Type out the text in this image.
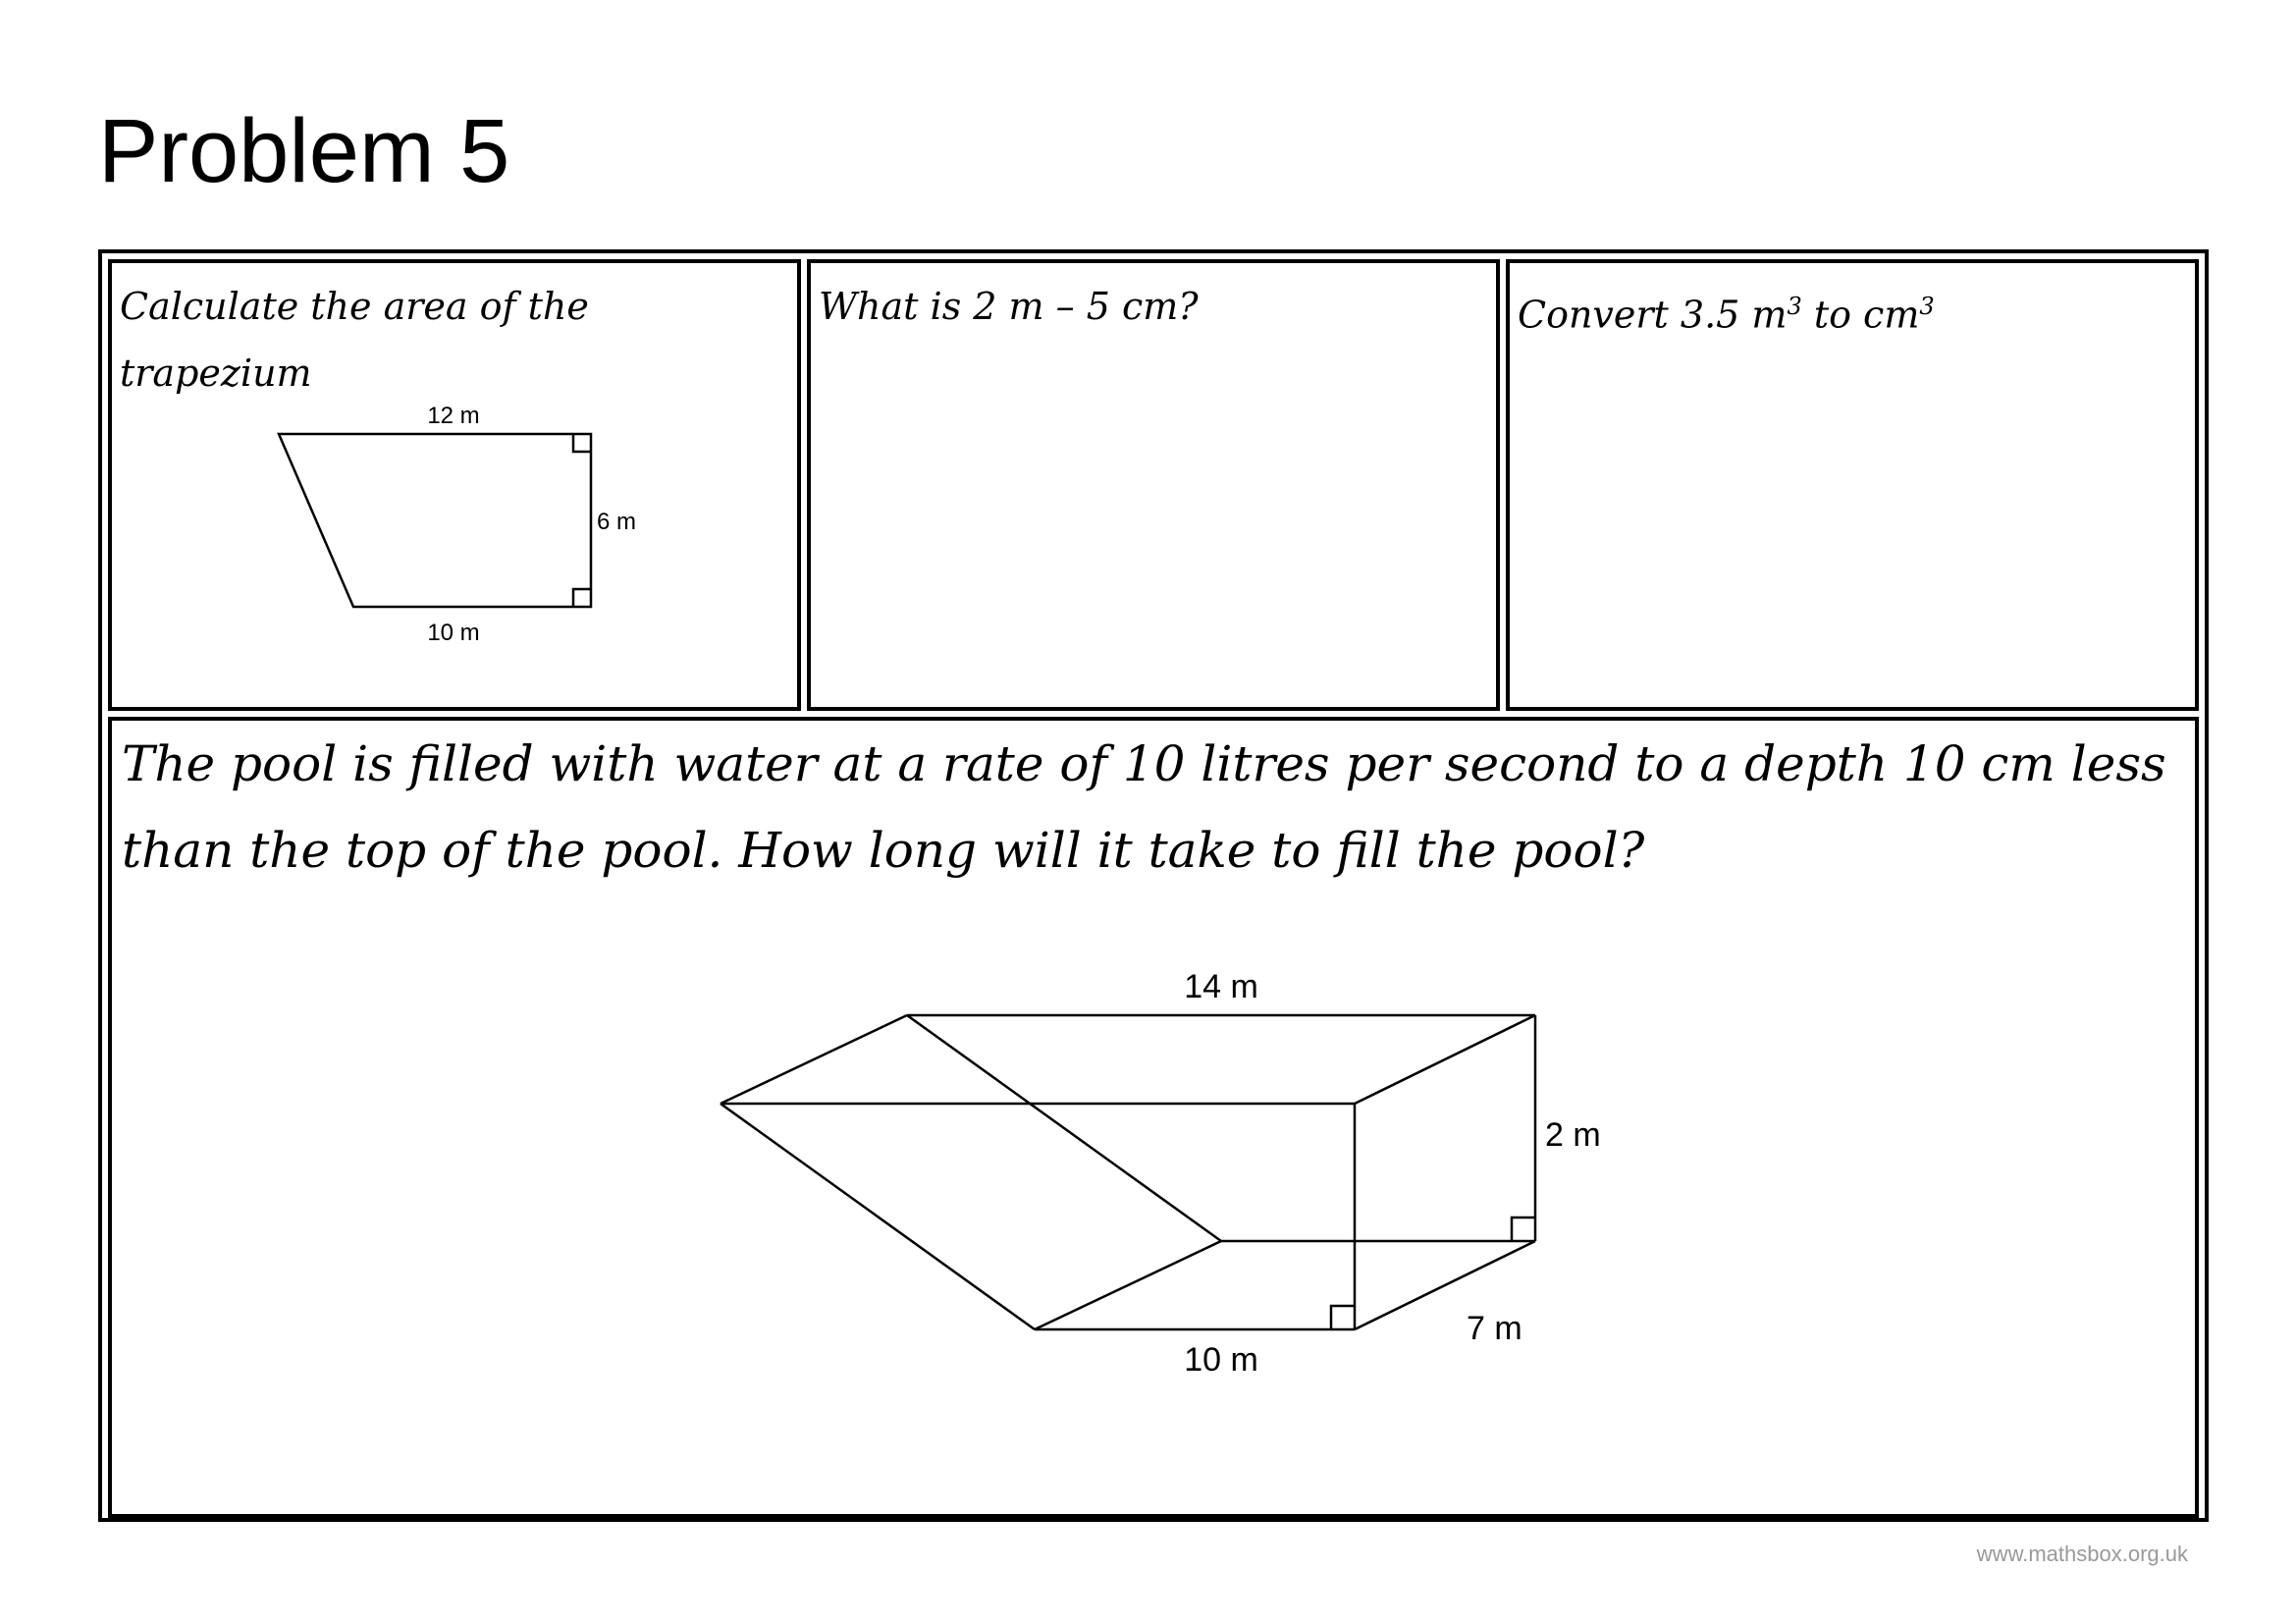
Problem 5

Calculate the area of the trapezium

12 m
6 m
10 m

What is 2 m – 5 cm?	Convert 3.5 $m^3$ to $cm^3$

The pool is filled with water at a rate of 10 litres per second to a depth 10 cm less than the top of the pool. How long will it take to fill the pool?

14 m
2 m
7 m
10 m
www.mathsbox.org.uk
